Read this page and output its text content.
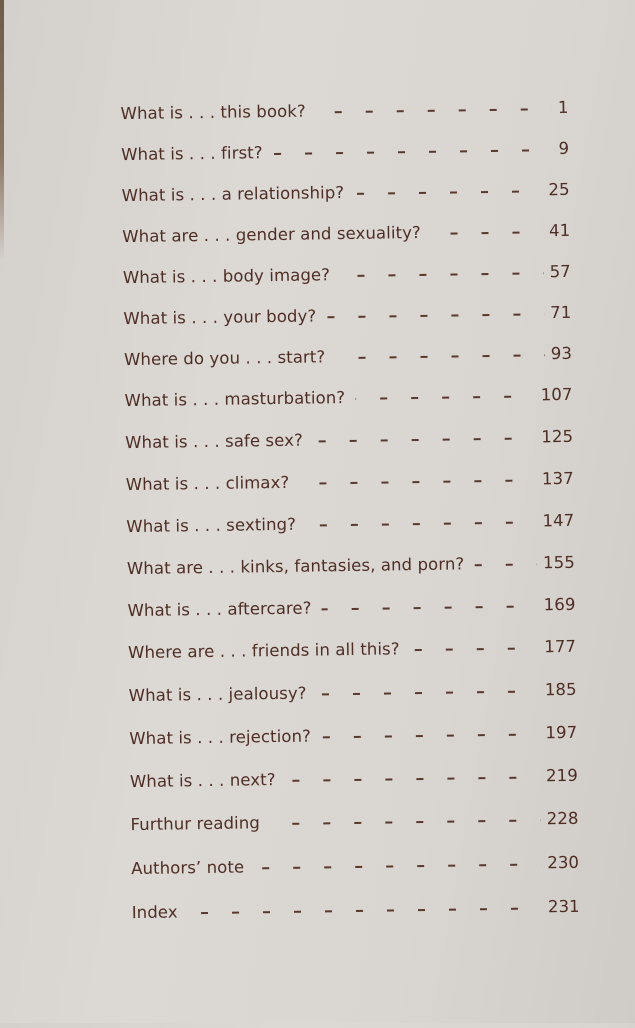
What is . . . this book?	1
What is . . . first?	9
What is . . . a relationship?	25
What are . . . gender and sexuality?	41
What is . . . body image?	57
What is . . . your body?	71
Where do you . . . start?	93
What is . . . masturbation?	107
What is . . . safe sex?	125
What is . . . climax?	137
What is . . . sexting?	147
What are . . . kinks, fantasies, and porn?	155
What is . . . aftercare?	169
Where are . . . friends in all this?	177
What is . . . jealousy?	185
What is . . . rejection?	197
What is . . . next?	219
Furthur reading	228
Authors’ note	230
Index	231
